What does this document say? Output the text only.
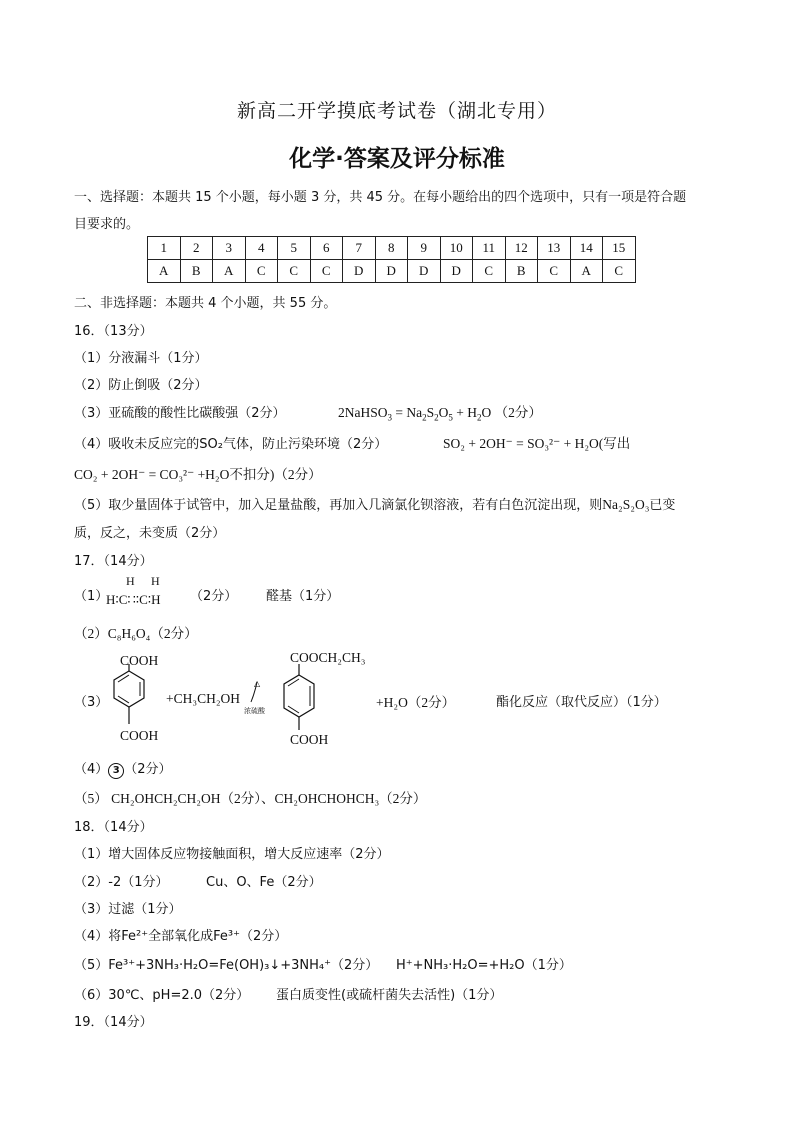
新高二开学摸底考试卷（湖北专用）
化学·答案及评分标准
一、选择题：本题共 15 个小题，每小题 3 分，共 45 分。在每小题给出的四个选项中，只有一项是符合题
目要求的。
1	2	3	4	5	6	7	8	9	10	11	12	13	14	15
A	B	A	C	C	C	D	D	D	D	C	B	C	A	C
二、非选择题：本题共 4 个小题，共 55 分。
16．（13分）
（1）分液漏斗（1分）
（2）防止倒吸（2分）
（3）亚硫酸的酸性比碳酸强（2分）	2NaHSO$_3$ = $Na_2S_2O_5 + H_2O$ （2分）
（4）吸收未反应完的SO₂气体，防止污染环境（2分）	SO₂ + 2OH⁻ = SO₃²⁻ + H₂O(写出
CO₂ + 2OH⁻ = CO₃²⁻ +H₂O不扣分)（2分）
（5）取少量固体于试管中，加入足量盐酸，再加入几滴氯化钡溶液，若有白色沉淀出现，则Na₂S₂O₃已变
质，反之，未变质（2分）
17．（14分）
（1）
H H
H∶C∷∶C∶H （2分） 醛基（1分）
（2）C₈H₆O₄（2分）
（3）
COOH
COOH
+CH₃CH₂OH
△
浓硫酸
COOCH₂CH₃
COOH
+H₂O（2分）	酯化反应（取代反应）（1分）
（4） 3 （2分）
（5） CH₂OHCH₂CH₂OH（2分）、CH₂OHCHOHCH₃（2分）
18．（14分）
（1）增大固体反应物接触面积，增大反应速率（2分）
（2）-2（1分）	Cu、O、Fe（2分）
（3）过滤（1分）
（4）将Fe²⁺全部氧化成Fe³⁺（2分）
（5）Fe³⁺+3NH₃·H₂O=Fe(OH)₃↓+3NH₄⁺（2分） H⁺+NH₃·H₂O=+H₂O（1分）
（6）30℃、pH=2.0（2分） 蛋白质变性(或硫杆菌失去活性)（1分）
19．（14分）
